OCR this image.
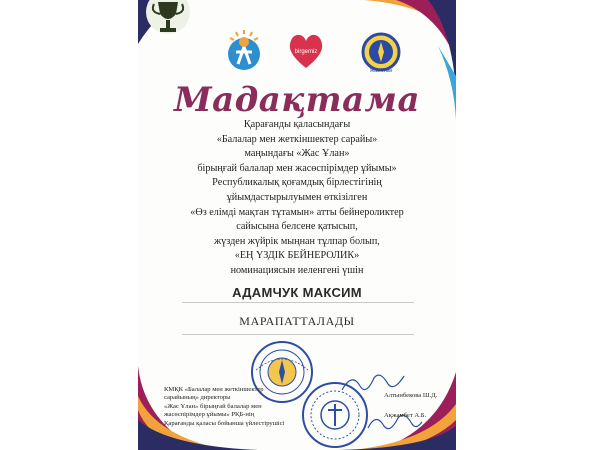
birgemiz
Жас Ұлан
Мадақтама
Қарағанды қаласындағы
«Балалар мен жеткіншектер сарайы»
маңындағы «Жас Ұлан»
бірыңғай балалар мен жасөспірімдер ұйымы»
Республикалық қоғамдық бірлестігінің
ұйымдастырылуымен өткізілген
«Өз елімді мақтан тұтамын» атты бейнероликтер
сайысына белсене қатысып,
жүзден жүйрік мыңнан тұлпар болып,
«ЕҢ ҮЗДІК БЕЙНЕРОЛИК»
номинациясын иеленгені үшін
АДАМЧУК МАКСИМ
МАРАПАТТАЛАДЫ
КМҚК «Балалар мен жеткіншектер
сарайының» директоры
«Жас Ұлан» бірыңғай балалар мен
жасөспірімдер ұйымы» РҚБ-нің
Қарағанды қаласы бойынша үйлестірушісі
Алтынбекова Ш.Д.
Ақжамбет А.Б.
